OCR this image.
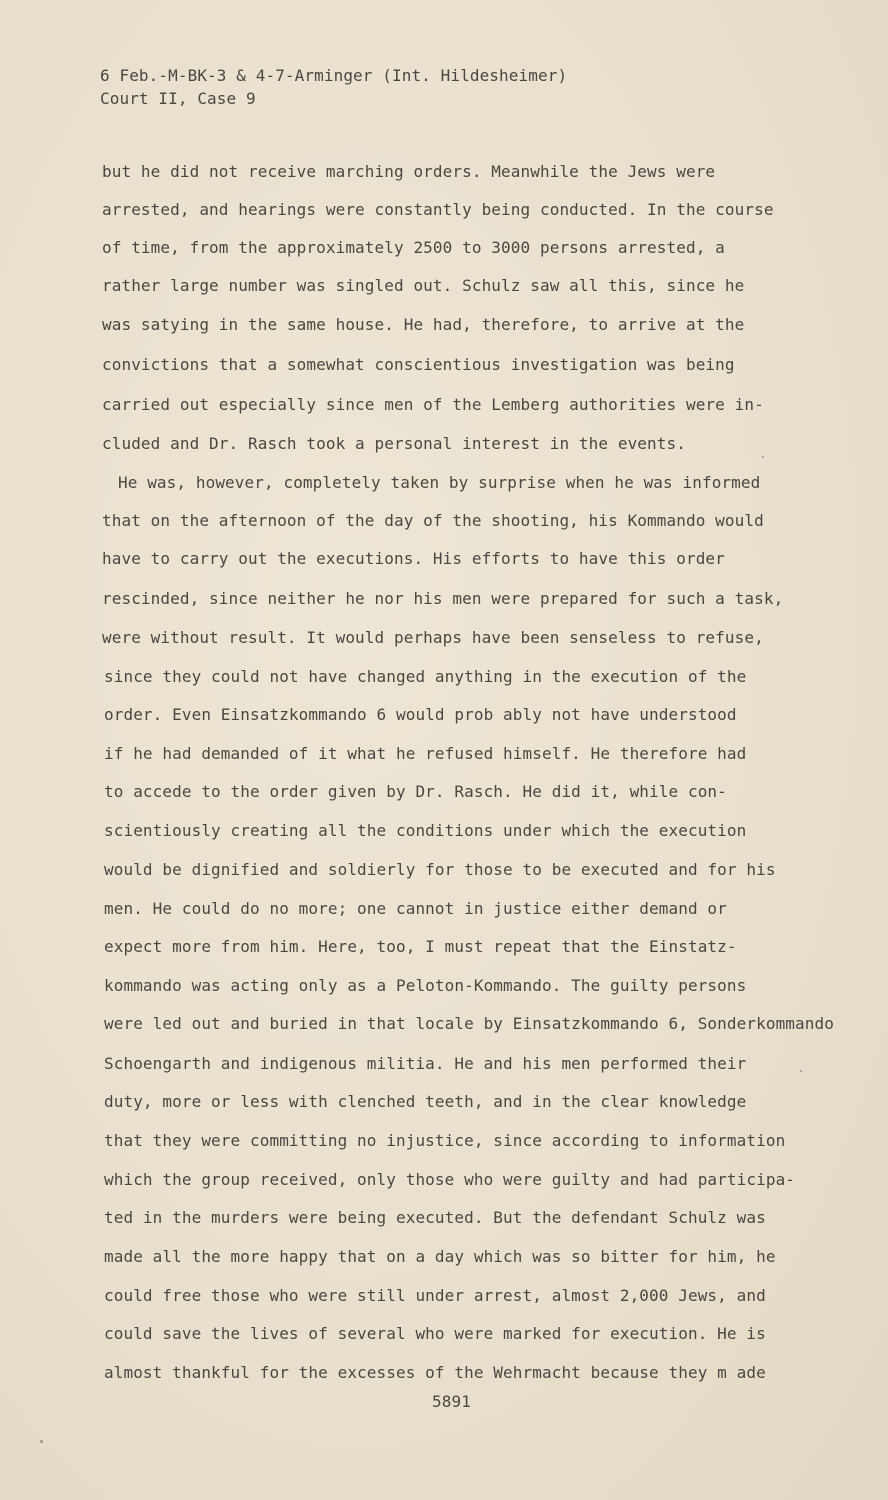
6 Feb.-M-BK-3 & 4-7-Arminger (Int. Hildesheimer)
Court II, Case 9
but he did not receive marching orders. Meanwhile the Jews were
arrested, and hearings were constantly being conducted. In the course
of time, from the approximately 2500 to 3000 persons arrested, a
rather large number was singled out. Schulz saw all this, since he
was satying in the same house. He had, therefore, to arrive at the
convictions that a somewhat conscientious investigation was being
carried out especially since men of the Lemberg authorities were in-
cluded and Dr. Rasch took a personal interest in the events.
He was, however, completely taken by surprise when he was informed
that on the afternoon of the day of the shooting, his Kommando would
have to carry out the executions. His efforts to have this order
rescinded, since neither he nor his men were prepared for such a task,
were without result. It would perhaps have been senseless to refuse,
since they could not have changed anything in the execution of the
order. Even Einsatzkommando 6 would prob ably not have understood
if he had demanded of it what he refused himself. He therefore had
to accede to the order given by Dr. Rasch. He did it, while con-
scientiously creating all the conditions under which the execution
would be dignified and soldierly for those to be executed and for his
men. He could do no more; one cannot in justice either demand or
expect more from him. Here, too, I must repeat that the Einstatz-
kommando was acting only as a Peloton-Kommando. The guilty persons
were led out and buried in that locale by Einsatzkommando 6, Sonderkommando
Schoengarth and indigenous militia. He and his men performed their
duty, more or less with clenched teeth, and in the clear knowledge
that they were committing no injustice, since according to information
which the group received, only those who were guilty and had participa-
ted in the murders were being executed. But the defendant Schulz was
made all the more happy that on a day which was so bitter for him, he
could free those who were still under arrest, almost 2,000 Jews, and
could save the lives of several who were marked for execution. He is
almost thankful for the excesses of the Wehrmacht because they m ade
5891
